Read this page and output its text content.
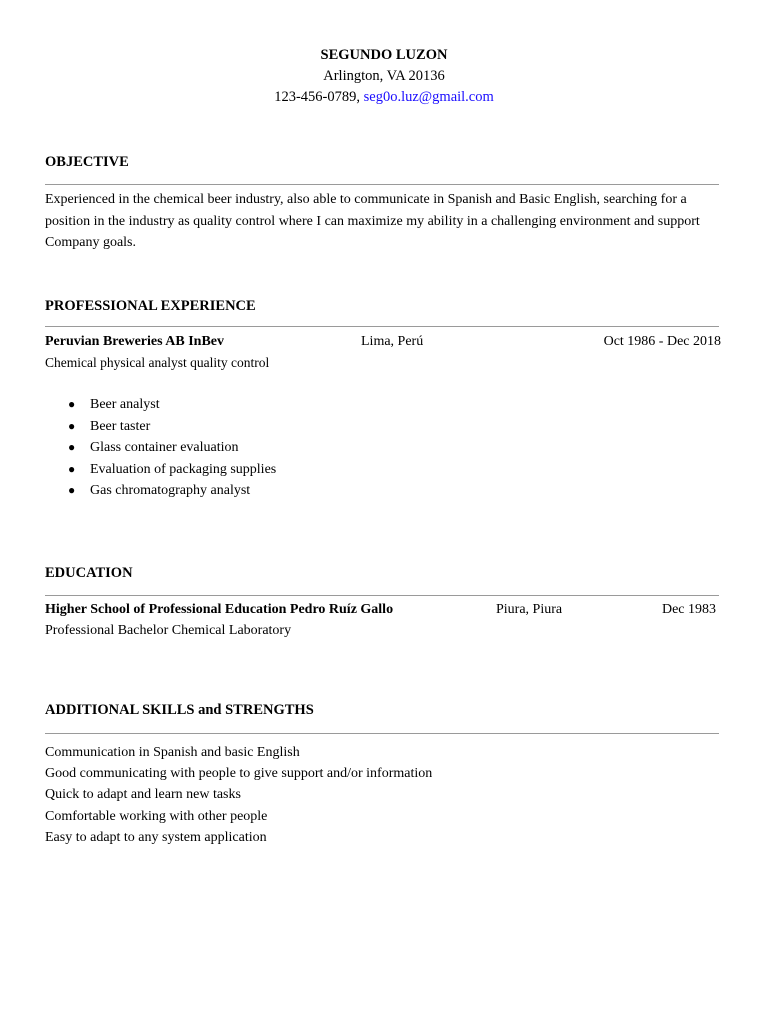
SEGUNDO LUZON
Arlington, VA 20136
123-456-0789, seg0o.luz@gmail.com
OBJECTIVE
Experienced in the chemical beer industry, also able to communicate in Spanish and Basic English, searching for a position in the industry as quality control where I can maximize my ability in a challenging environment and support Company goals.
PROFESSIONAL EXPERIENCE
Peruvian Breweries AB InBev	Lima, Perú	Oct 1986 - Dec 2018
Chemical physical analyst quality control
● Beer analyst
● Beer taster
● Glass container evaluation
● Evaluation of packaging supplies
● Gas chromatography analyst
EDUCATION
Higher School of Professional Education Pedro Ruíz Gallo	Piura, Piura	Dec 1983
Professional Bachelor Chemical Laboratory
ADDITIONAL SKILLS and STRENGTHS
Communication in Spanish and basic English
Good communicating with people to give support and/or information
Quick to adapt and learn new tasks
Comfortable working with other people
Easy to adapt to any system application
